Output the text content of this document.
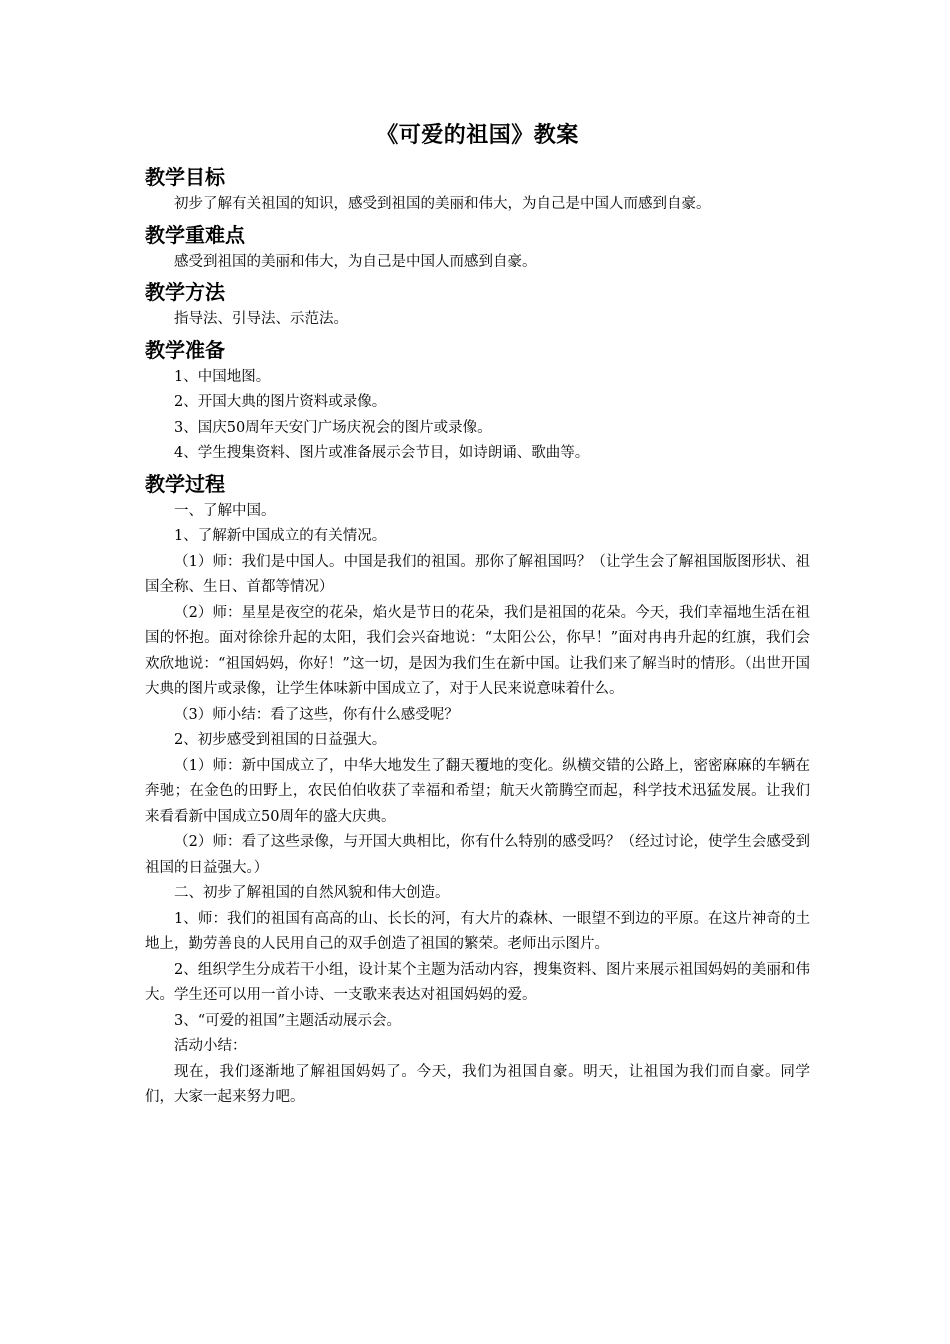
《可爱的祖国》教案
教学目标

初步了解有关祖国的知识，感受到祖国的美丽和伟大，为自己是中国人而感到自豪。

教学重难点

感受到祖国的美丽和伟大，为自己是中国人而感到自豪。

教学方法

指导法、引导法、示范法。

教学准备

1、中国地图。

2、开国大典的图片资料或录像。

3、国庆50周年天安门广场庆祝会的图片或录像。

4、学生搜集资料、图片或准备展示会节目，如诗朗诵、歌曲等。

教学过程

一、了解中国。

1、了解新中国成立的有关情况。

（1）师：我们是中国人。中国是我们的祖国。那你了解祖国吗？（让学生会了解祖国版图形状、祖国全称、生日、首都等情况）

（2）师：星星是夜空的花朵，焰火是节日的花朵，我们是祖国的花朵。今天，我们幸福地生活在祖国的怀抱。面对徐徐升起的太阳，我们会兴奋地说：“太阳公公，你早！”面对冉冉升起的红旗，我们会欢欣地说：“祖国妈妈，你好！”这一切，是因为我们生在新中国。让我们来了解当时的情形。（出世开国大典的图片或录像，让学生体味新中国成立了，对于人民来说意味着什么。

（3）师小结：看了这些，你有什么感受呢？

2、初步感受到祖国的日益强大。

（1）师：新中国成立了，中华大地发生了翻天覆地的变化。纵横交错的公路上，密密麻麻的车辆在奔驰；在金色的田野上，农民伯伯收获了幸福和希望；航天火箭腾空而起，科学技术迅猛发展。让我们来看看新中国成立50周年的盛大庆典。

（2）师：看了这些录像，与开国大典相比，你有什么特别的感受吗？（经过讨论，使学生会感受到祖国的日益强大。）

二、初步了解祖国的自然风貌和伟大创造。

1、师：我们的祖国有高高的山、长长的河，有大片的森林、一眼望不到边的平原。在这片神奇的土地上，勤劳善良的人民用自己的双手创造了祖国的繁荣。老师出示图片。

2、组织学生分成若干小组，设计某个主题为活动内容，搜集资料、图片来展示祖国妈妈的美丽和伟大。学生还可以用一首小诗、一支歌来表达对祖国妈妈的爱。

3、“可爱的祖国”主题活动展示会。

活动小结：

现在，我们逐渐地了解祖国妈妈了。今天，我们为祖国自豪。明天，让祖国为我们而自豪。同学们，大家一起来努力吧。
